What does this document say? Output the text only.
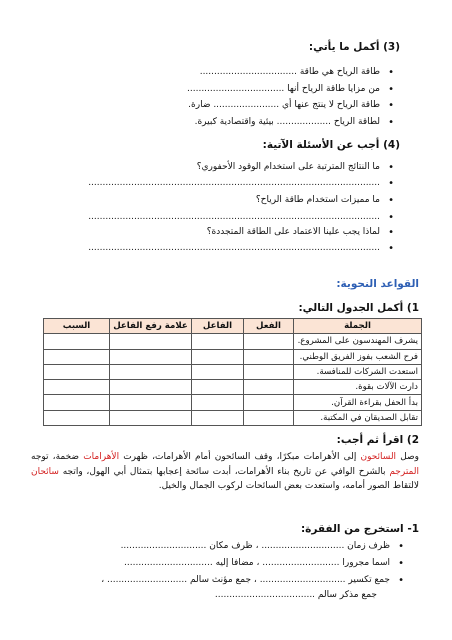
(3) أكمل ما يأتي:
• طاقة الرياح هي طاقة ..................................
• من مزايا طاقة الرياح أنها ..................................
• طاقة الرياح لا ينتج عنها أي ....................... ضارة.
• لطاقة الرياح ................... بيئية واقتصادية كبيرة.
(4) أجب عن الأسئلة الآتية:
• ما النتائج المترتبة على استخدام الوقود الأحفوري؟
• ......................................................................................................
• ما مميزات استخدام طاقة الرياح؟
• ......................................................................................................
• لماذا يجب علينا الاعتماد على الطاقة المتجددة؟
• ......................................................................................................
القواعد النحوية:
1) أكمل الجدول التالي:
الجملة	الفعل	الفاعل	علامة رفع الفاعل	السبب
يشرف المهندسون على المشروع.				
فرح الشعب بفوز الفريق الوطني.				
استعدت الشركات للمنافسة.				
دارت الآلات بقوة.				
بدأ الحفل بقراءة القرآن.				
تقابل الصديقان في المكتبة.				
2) اقرأ ثم أجب:
وصل السائحون إلى الأهرامات مبكرًا، وقف السائحون أمام الأهرامات، ظهرت الأهرامات ضخمة، توجه المترجم بالشرح الوافي عن تاريخ بناء الأهرامات، أبدت سائحة إعجابها بتمثال أبي الهول، واتجه سائحان لالتقاط الصور أمامه، واستعدت بعض السائحات لركوب الجمال والخيل.
1- استخرج من الفقرة:
• ظرف زمان ............................. ، ظرف مكان ..............................
• اسما مجرورا ........................... ، مضافا إليه ...............................
• جمع تكسير .............................. ، جمع مؤنث سالم ............................ ،
جمع مذكر سالم ...................................
